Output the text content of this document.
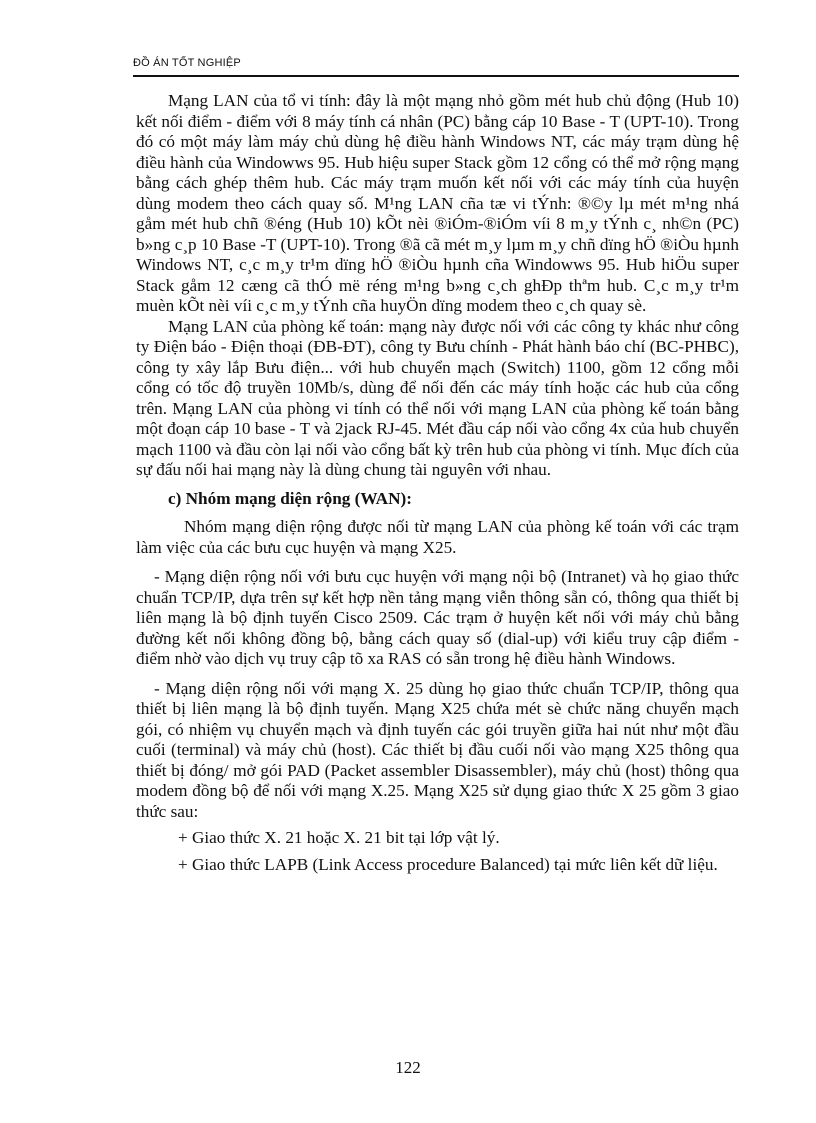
ĐỒ ÁN TỐT NGHIỆP

Mạng LAN của tổ vi tính: đây là một mạng nhỏ gồm mét hub chủ động (Hub 10) kết nối điểm - điểm với 8 máy tính cá nhân (PC) bằng cáp 10 Base - T (UPT-10). Trong đó có một máy làm máy chủ dùng hệ điều hành Windows NT, các máy trạm dùng hệ điều hành của Windowws 95. Hub hiệu super Stack gồm 12 cổng có thể mở rộng mạng bằng cách ghép thêm hub. Các máy trạm muốn kết nối với các máy tính của huyện dùng modem theo cách quay số. M¹ng LAN cña tæ vi tÝnh: ®©y lµ mét m¹ng nhá gåm mét hub chñ ®éng (Hub 10) kÕt nèi ®iÓm-®iÓm víi 8 m¸y tÝnh c¸ nh©n (PC) b»ng c¸p 10 Base -T (UPT-10). Trong ®ã cã mét m¸y lµm m¸y chñ dïng hÖ ®iÒu hµnh Windows NT, c¸c m¸y tr¹m dïng hÖ ®iÒu hµnh cña Windowws 95. Hub hiÖu super Stack gåm 12 cæng cã thÓ më réng m¹ng b»ng c¸ch ghÐp thªm hub. C¸c m¸y tr¹m muèn kÕt nèi víi c¸c m¸y tÝnh cña huyÖn dïng modem theo c¸ch quay sè.

Mạng LAN của phòng kế toán: mạng này được nối với các công ty khác như công ty Điện báo - Điện thoại (ĐB-ĐT), công ty Bưu chính - Phát hành báo chí (BC-PHBC), công ty xây lắp Bưu điện... với hub chuyển mạch (Switch) 1100, gồm 12 cổng mỗi cổng có tốc độ truyền 10Mb/s, dùng để nối đến các máy tính hoặc các hub của cổng trên. Mạng LAN của phòng vi tính có thể nối với mạng LAN của phòng kế toán bằng một đoạn cáp 10 base - T và 2jack RJ-45. Mét đầu cáp nối vào cổng 4x của hub chuyển mạch 1100 và đầu còn lại nối vào cổng bất kỳ trên hub của phòng vi tính. Mục đích của sự đấu nối hai mạng này là dùng chung tài nguyên với nhau.

c) Nhóm mạng diện rộng (WAN):

Nhóm mạng diện rộng được nối từ mạng LAN của phòng kế toán với các trạm làm việc của các bưu cục huyện và mạng X25.

- Mạng diện rộng nối với bưu cục huyện với mạng nội bộ (Intranet) và họ giao thức chuẩn TCP/IP, dựa trên sự kết hợp nền tảng mạng viễn thông sẵn có, thông qua thiết bị liên mạng là bộ định tuyến Cisco 2509. Các trạm ở huyện kết nối với máy chủ bằng đường kết nối không đồng bộ, bằng cách quay số (dial-up) với kiểu truy cập điểm - điểm nhờ vào dịch vụ truy cập tõ xa RAS có sẵn trong hệ điều hành Windows.

- Mạng diện rộng nối với mạng X. 25 dùng họ giao thức chuẩn TCP/IP, thông qua thiết bị liên mạng là bộ định tuyến. Mạng X25 chứa mét sè chức năng chuyển mạch gói, có nhiệm vụ chuyển mạch và định tuyến các gói truyền giữa hai nút như một đầu cuối (terminal) và máy chủ (host). Các thiết bị đầu cuối nối vào mạng X25 thông qua thiết bị đóng/ mở gói PAD (Packet assembler Disassembler), máy chủ (host) thông qua modem đồng bộ để nối với mạng X.25. Mạng X25 sử dụng giao thức X 25 gồm 3 giao thức sau:

+ Giao thức X. 21 hoặc X. 21 bit tại lớp vật lý.

+ Giao thức LAPB (Link Access procedure Balanced) tại mức liên kết dữ liệu.

122
